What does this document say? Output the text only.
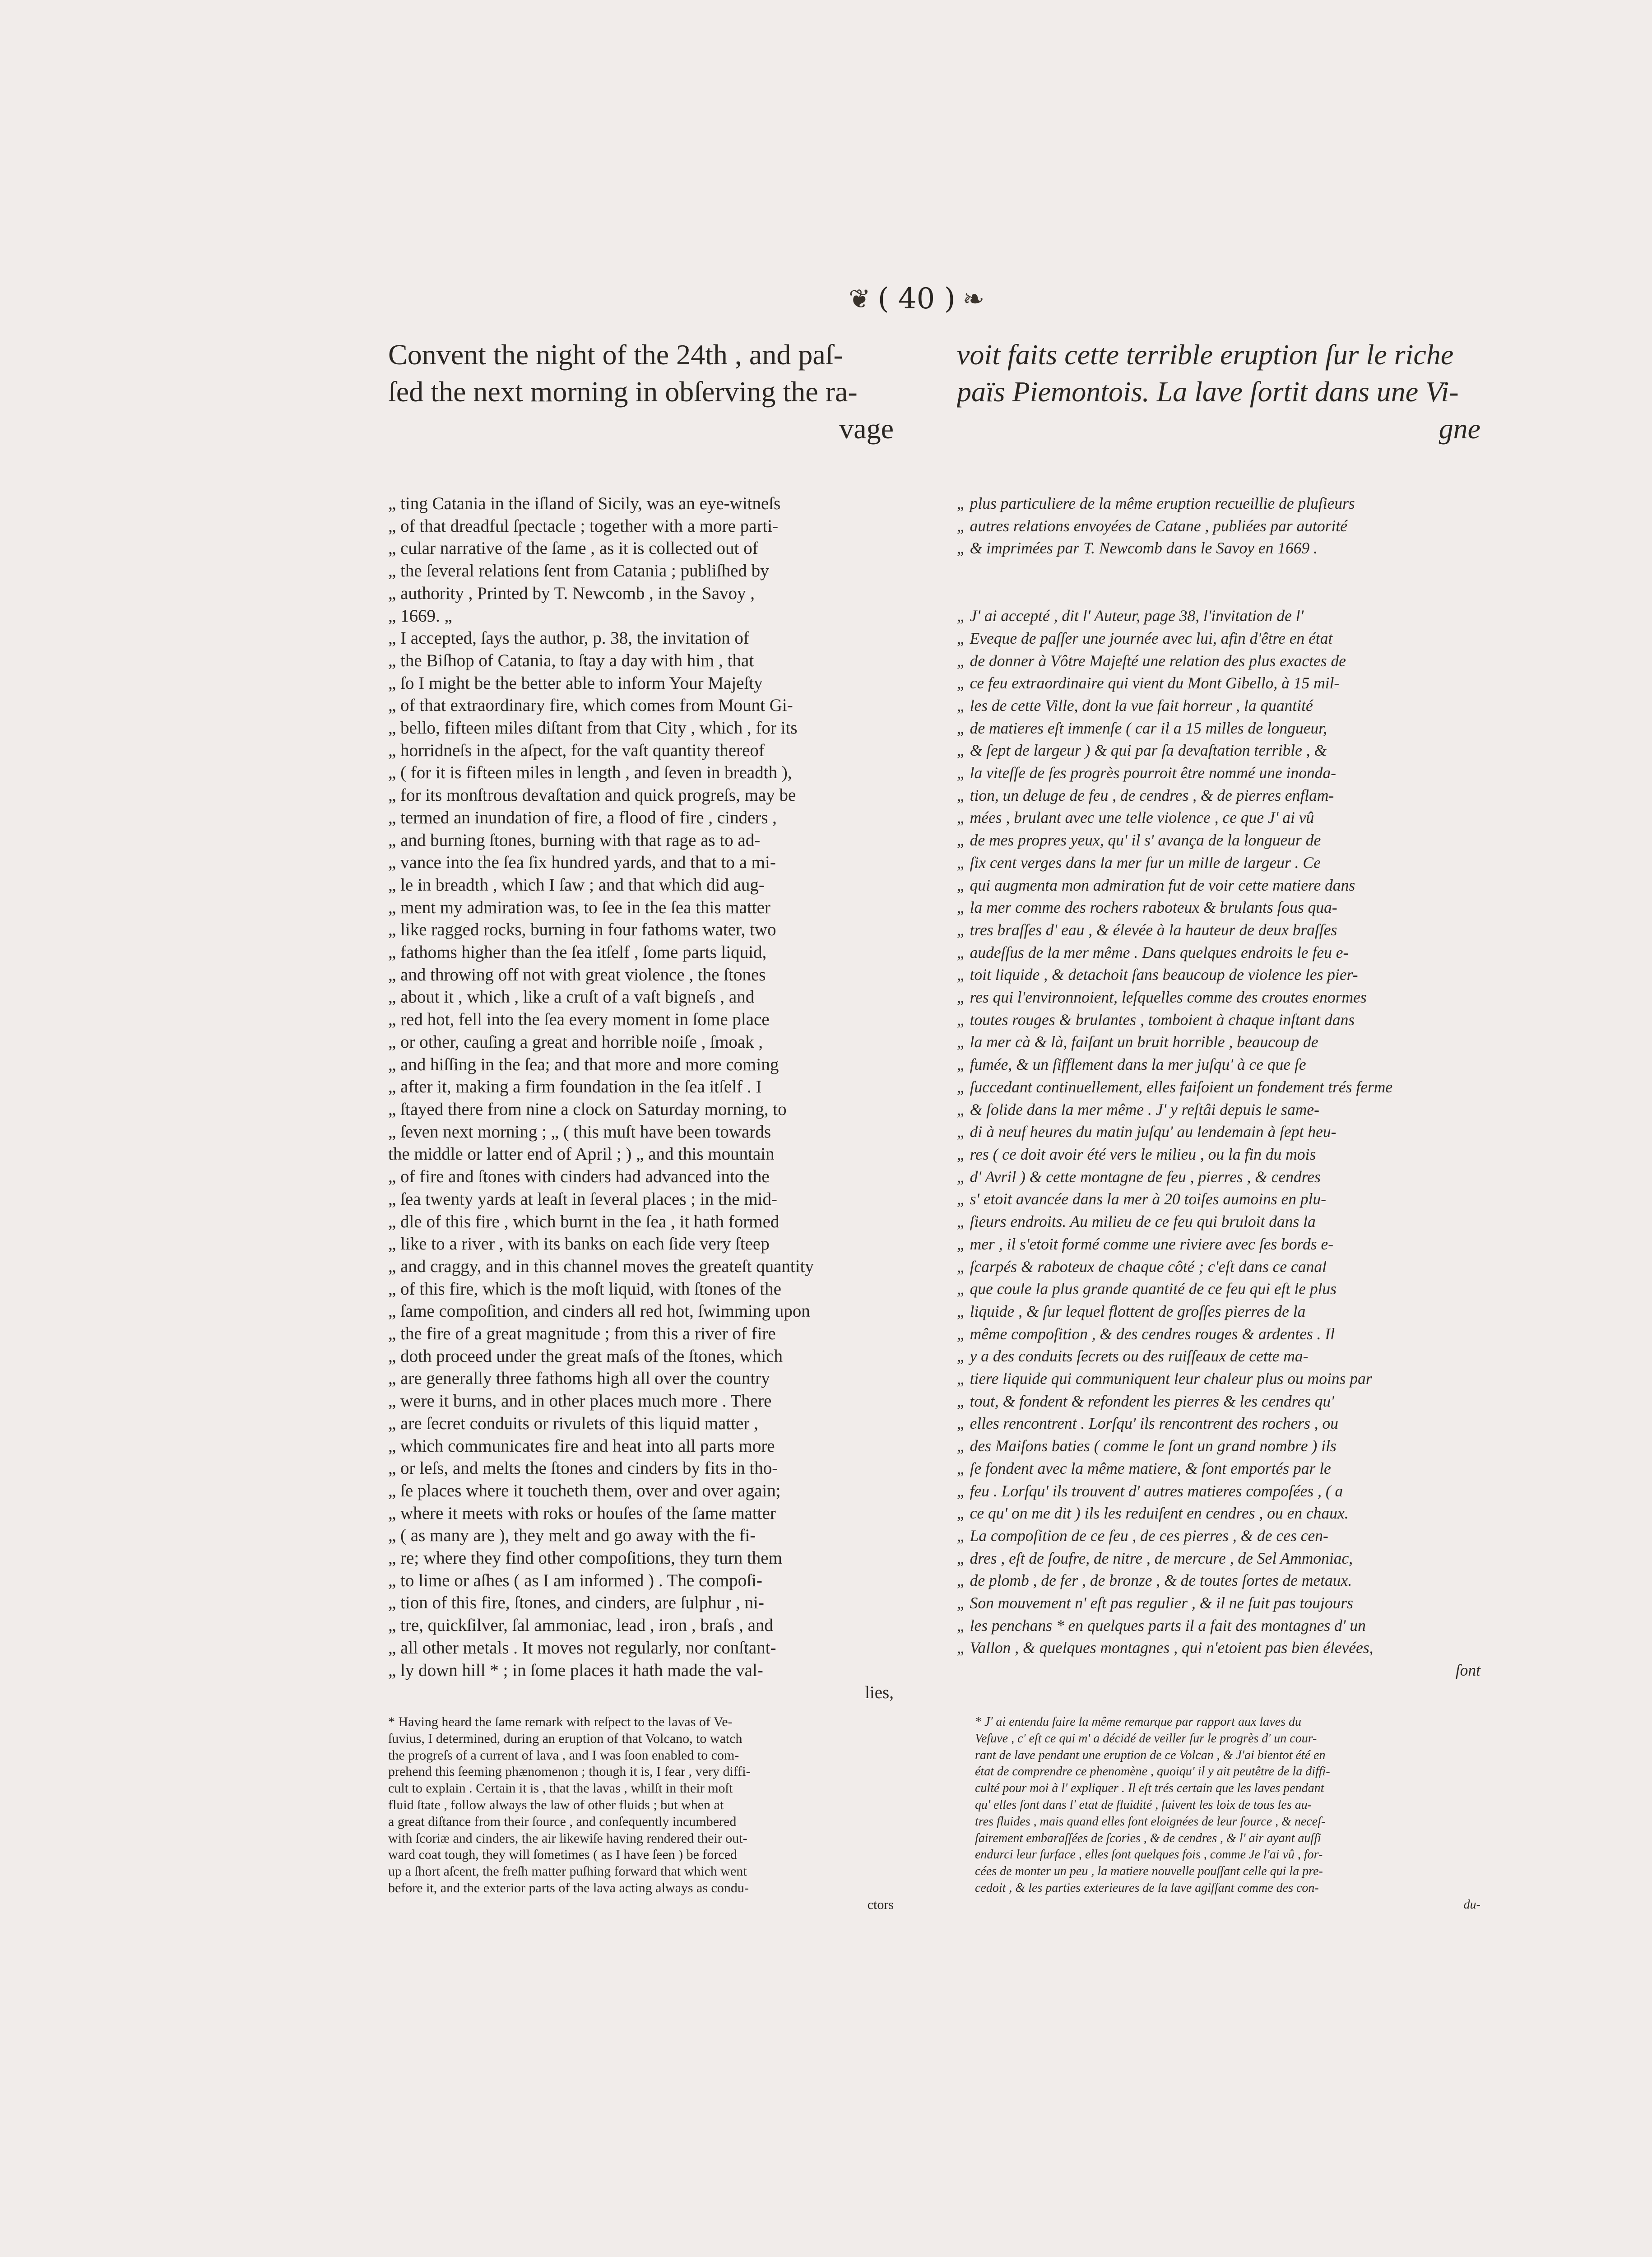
❦ ( 40 ) ❧
Convent the night of the 24th , and paſ-
ſed the next morning in obſerving the ra-
vage
„ ting Catania in the iſland of Sicily, was an eye-witneſs
„ of that dreadful ſpectacle ; together with a more parti-
„ cular narrative of the ſame , as it is collected out of
„ the ſeveral relations ſent from Catania ; publiſhed by
„ authority , Printed by T. Newcomb , in the Savoy ,
„ 1669. „
„ I accepted, ſays the author, p. 38, the invitation of
„ the Biſhop of Catania, to ſtay a day with him , that
„ ſo I might be the better able to inform Your Majeſty
„ of that extraordinary fire, which comes from Mount Gi-
„ bello, fifteen miles diſtant from that City , which , for its
„ horridneſs in the aſpect, for the vaſt quantity thereof
„ ( for it is fifteen miles in length , and ſeven in breadth ),
„ for its monſtrous devaſtation and quick progreſs, may be
„ termed an inundation of fire, a flood of fire , cinders ,
„ and burning ſtones, burning with that rage as to ad-
„ vance into the ſea ſix hundred yards, and that to a mi-
„ le in breadth , which I ſaw ; and that which did aug-
„ ment my admiration was, to ſee in the ſea this matter
„ like ragged rocks, burning in four fathoms water, two
„ fathoms higher than the ſea itſelf , ſome parts liquid,
„ and throwing off not with great violence , the ſtones
„ about it , which , like a cruſt of a vaſt bigneſs , and
„ red hot, fell into the ſea every moment in ſome place
„ or other, cauſing a great and horrible noiſe , ſmoak ,
„ and hiſſing in the ſea; and that more and more coming
„ after it, making a firm foundation in the ſea itſelf . I
„ ſtayed there from nine a clock on Saturday morning, to
„ ſeven next morning ; „ ( this muſt have been towards
the middle or latter end of April ; ) „ and this mountain
„ of fire and ſtones with cinders had advanced into the
„ ſea twenty yards at leaſt in ſeveral places ; in the mid-
„ dle of this fire , which burnt in the ſea , it hath formed
„ like to a river , with its banks on each ſide very ſteep
„ and craggy, and in this channel moves the greateſt quantity
„ of this fire, which is the moſt liquid, with ſtones of the
„ ſame compoſition, and cinders all red hot, ſwimming upon
„ the fire of a great magnitude ; from this a river of fire
„ doth proceed under the great maſs of the ſtones, which
„ are generally three fathoms high all over the country
„ were it burns, and in other places much more . There
„ are ſecret conduits or rivulets of this liquid matter ,
„ which communicates fire and heat into all parts more
„ or leſs, and melts the ſtones and cinders by fits in tho-
„ ſe places where it toucheth them, over and over again;
„ where it meets with roks or houſes of the ſame matter
„ ( as many are ), they melt and go away with the fi-
„ re; where they find other compoſitions, they turn them
„ to lime or aſhes ( as I am informed ) . The compoſi-
„ tion of this fire, ſtones, and cinders, are ſulphur , ni-
„ tre, quickſilver, ſal ammoniac, lead , iron , braſs , and
„ all other metals . It moves not regularly, nor conſtant-
„ ly down hill * ; in ſome places it hath made the val-
lies,
* Having heard the ſame remark with reſpect to the lavas of Ve-
ſuvius, I determined, during an eruption of that Volcano, to watch
the progreſs of a current of lava , and I was ſoon enabled to com-
prehend this ſeeming phænomenon ; though it is, I fear , very diffi-
cult to explain . Certain it is , that the lavas , whilſt in their moſt
fluid ſtate , follow always the law of other fluids ; but when at
a great diſtance from their ſource , and conſequently incumbered
with ſcoriæ and cinders, the air likewiſe having rendered their out-
ward coat tough, they will ſometimes ( as I have ſeen ) be forced
up a ſhort aſcent, the freſh matter puſhing forward that which went
before it, and the exterior parts of the lava acting always as condu-
ctors
voit faits cette terrible eruption ſur le riche
païs Piemontois. La lave ſortit dans une Vi-
gne
„ plus particuliere de la même eruption recueillie de pluſieurs
„ autres relations envoyées de Catane , publiées par autorité
„ & imprimées par T. Newcomb dans le Savoy en 1669 .
„ J' ai accepté , dit l' Auteur, page 38, l'invitation de l'
„ Eveque de paſſer une journée avec lui, afin d'être en état
„ de donner à Vôtre Majeſté une relation des plus exactes de
„ ce feu extraordinaire qui vient du Mont Gibello, à 15 mil-
„ les de cette Ville, dont la vue fait horreur , la quantité
„ de matieres eſt immenſe ( car il a 15 milles de longueur,
„ & ſept de largeur ) & qui par ſa devaſtation terrible , &
„ la viteſſe de ſes progrès pourroit être nommé une inonda-
„ tion, un deluge de feu , de cendres , & de pierres enflam-
„ mées , brulant avec une telle violence , ce que J' ai vû
„ de mes propres yeux, qu' il s' avança de la longueur de
„ ſix cent verges dans la mer ſur un mille de largeur . Ce
„ qui augmenta mon admiration fut de voir cette matiere dans
„ la mer comme des rochers raboteux & brulants ſous qua-
„ tres braſſes d' eau , & élevée à la hauteur de deux braſſes
„ audeſſus de la mer même . Dans quelques endroits le feu e-
„ toit liquide , & detachoit ſans beaucoup de violence les pier-
„ res qui l'environnoient, leſquelles comme des croutes enormes
„ toutes rouges & brulantes , tomboient à chaque inſtant dans
„ la mer cà & là, faiſant un bruit horrible , beaucoup de
„ fumée, & un ſifflement dans la mer juſqu' à ce que ſe
„ ſuccedant continuellement, elles faiſoient un fondement trés ferme
„ & ſolide dans la mer même . J' y reſtâi depuis le same-
„ di à neuf heures du matin juſqu' au lendemain à ſept heu-
„ res ( ce doit avoir été vers le milieu , ou la fin du mois
„ d' Avril ) & cette montagne de feu , pierres , & cendres
„ s' etoit avancée dans la mer à 20 toiſes aumoins en plu-
„ ſieurs endroits. Au milieu de ce feu qui bruloit dans la
„ mer , il s'etoit formé comme une riviere avec ſes bords e-
„ ſcarpés & raboteux de chaque côté ; c'eſt dans ce canal
„ que coule la plus grande quantité de ce feu qui eſt le plus
„ liquide , & ſur lequel flottent de groſſes pierres de la
„ même compoſition , & des cendres rouges & ardentes . Il
„ y a des conduits ſecrets ou des ruiſſeaux de cette ma-
„ tiere liquide qui communiquent leur chaleur plus ou moins par
„ tout, & fondent & refondent les pierres & les cendres qu'
„ elles rencontrent . Lorſqu' ils rencontrent des rochers , ou
„ des Maiſons baties ( comme le ſont un grand nombre ) ils
„ ſe fondent avec la même matiere, & ſont emportés par le
„ feu . Lorſqu' ils trouvent d' autres matieres compoſées , ( a
„ ce qu' on me dit ) ils les reduiſent en cendres , ou en chaux.
„ La compoſition de ce feu , de ces pierres , & de ces cen-
„ dres , eſt de ſoufre, de nitre , de mercure , de Sel Ammoniac,
„ de plomb , de fer , de bronze , & de toutes ſortes de metaux.
„ Son mouvement n' eſt pas regulier , & il ne ſuit pas toujours
„ les penchans * en quelques parts il a fait des montagnes d' un
„ Vallon , & quelques montagnes , qui n'etoient pas bien élevées,
ſont
* J' ai entendu faire la même remarque par rapport aux laves du
Veſuve , c' eſt ce qui m' a décidé de veiller ſur le progrès d' un cour-
rant de lave pendant une eruption de ce Volcan , & J'ai bientot été en
état de comprendre ce phenomène , quoiqu' il y ait peutêtre de la diffi-
culté pour moi à l' expliquer . Il eſt trés certain que les laves pendant
qu' elles ſont dans l' etat de fluidité , ſuivent les loix de tous les au-
tres fluides , mais quand elles ſont eloignées de leur ſource , & neceſ-
ſairement embaraſſées de ſcories , & de cendres , & l' air ayant auſſi
endurci leur ſurface , elles ſont quelques fois , comme Je l'ai vû , for-
cées de monter un peu , la matiere nouvelle pouſſant celle qui la pre-
cedoit , & les parties exterieures de la lave agiſſant comme des con-
du-
